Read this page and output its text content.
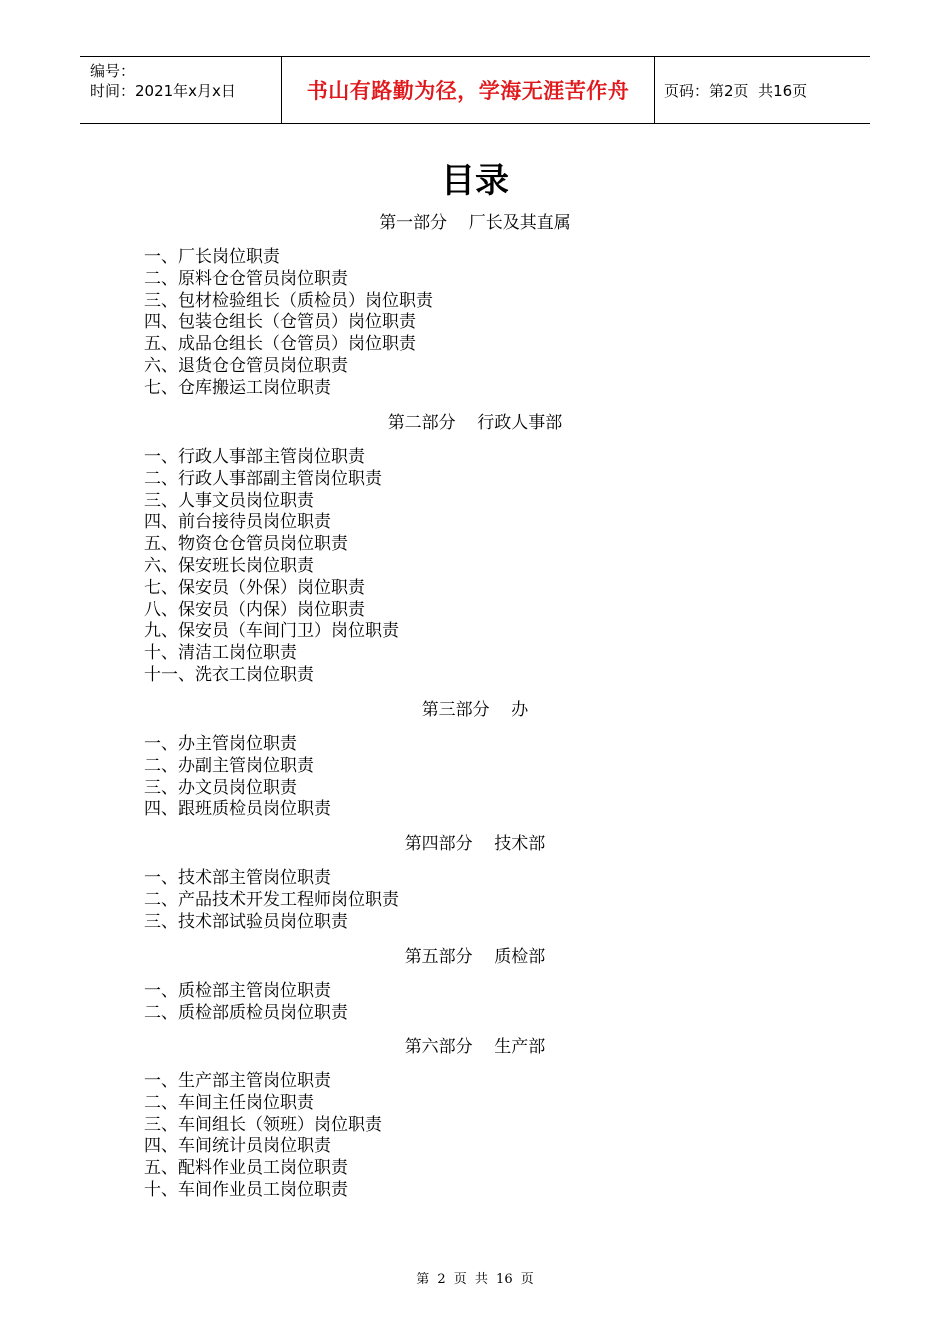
编号：
时间：2021年x月x日	书山有路勤为径，学海无涯苦作舟	页码：第2页  共16页
目录
第一部分    厂长及其直属
一、厂长岗位职责
二、原料仓仓管员岗位职责
三、包材检验组长（质检员）岗位职责
四、包装仓组长（仓管员）岗位职责
五、成品仓组长（仓管员）岗位职责
六、退货仓仓管员岗位职责
七、仓库搬运工岗位职责
第二部分    行政人事部
一、行政人事部主管岗位职责
二、行政人事部副主管岗位职责
三、人事文员岗位职责
四、前台接待员岗位职责
五、物资仓仓管员岗位职责
六、保安班长岗位职责
七、保安员（外保）岗位职责
八、保安员（内保）岗位职责
九、保安员（车间门卫）岗位职责
十、清洁工岗位职责
十一、洗衣工岗位职责
第三部分    办
一、办主管岗位职责
二、办副主管岗位职责
三、办文员岗位职责
四、跟班质检员岗位职责
第四部分    技术部
一、技术部主管岗位职责
二、产品技术开发工程师岗位职责
三、技术部试验员岗位职责
第五部分    质检部
一、质检部主管岗位职责
二、质检部质检员岗位职责
第六部分    生产部
一、生产部主管岗位职责
二、车间主任岗位职责
三、车间组长（领班）岗位职责
四、车间统计员岗位职责
五、配料作业员工岗位职责
十、车间作业员工岗位职责
第 2 页 共 16 页
